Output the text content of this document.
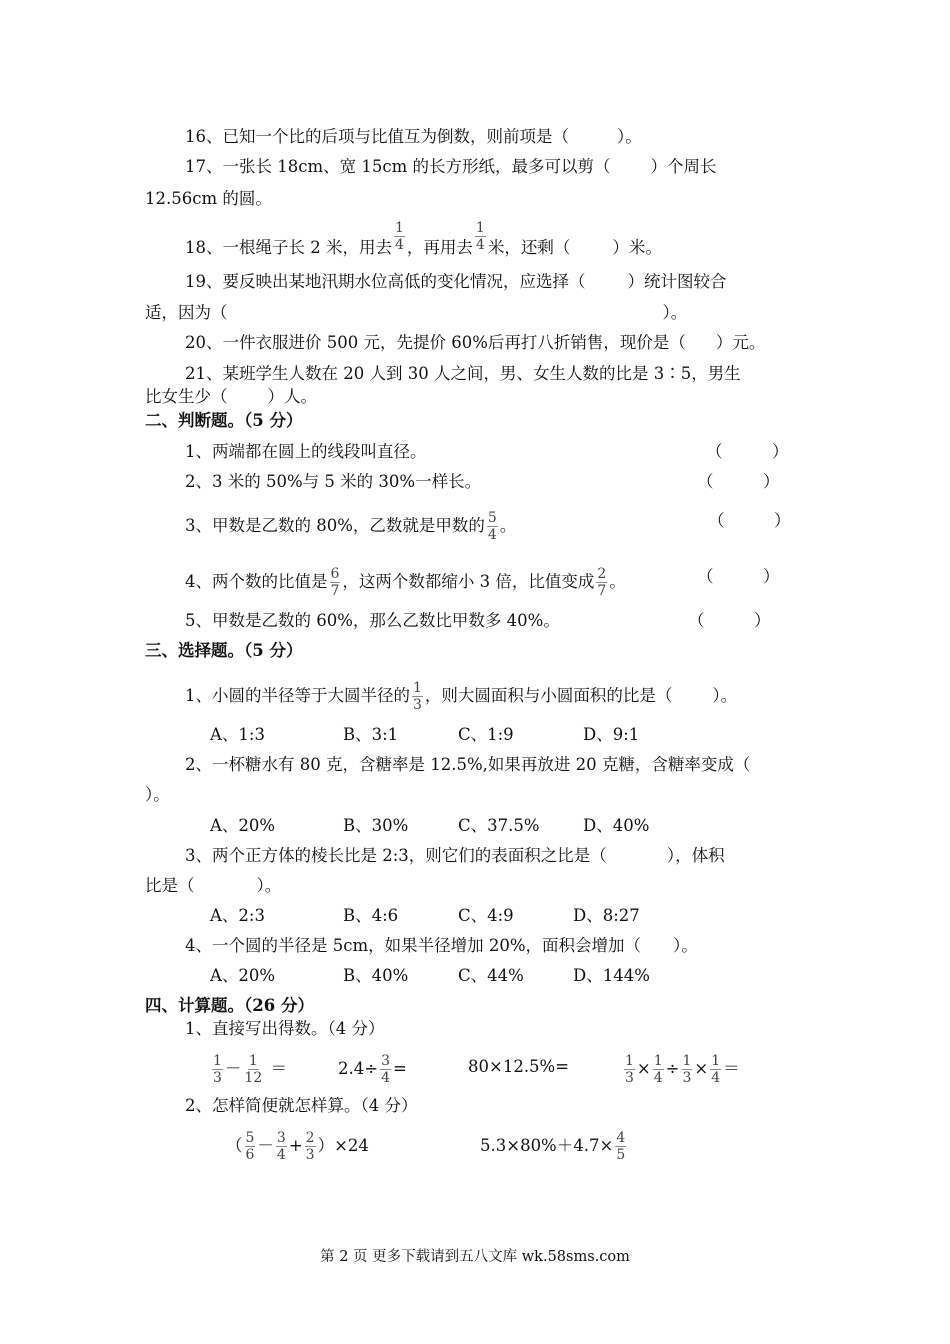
16、已知一个比的后项与比值互为倒数，则前项是（	）。
17、一张长 18cm、宽 15cm 的长方形纸，最多可以剪（ ）个周长
12.56cm 的圆。
18、一根绳子长 2 米，用去 $\frac{1}{4}$ ，再用去 $\frac{1}{4}$ 米，还剩（	）米。
19、要反映出某地汛期水位高低的变化情况，应选择（	）统计图较合
适，因为（	）。
20、一件衣服进价 500 元，先提价 60%后再打八折销售，现价是（ ）元。
21、某班学生人数在 20 人到 30 人之间，男、女生人数的比是 3∶5，男生
比女生少（ ）人。
二、判断题。（5 分）
1、两端都在圆上的线段叫直径。	（　　　）
2、3 米的 50%与 5 米的 30%一样长。	（　　　）
3、甲数是乙数的 80%，乙数就是甲数的 $\frac{5}{4}$ 。	（　　　）
4、两个数的比值是 $\frac{6}{7}$ ，这两个数都缩小 3 倍，比值变成 $\frac{2}{7}$ 。	（　　　）
5、甲数是乙数的 60%，那么乙数比甲数多 40%。	（　　　）
三、选择题。（5 分）
1、小圆的半径等于大圆半径的 $\frac{1}{3}$ ，则大圆面积与小圆面积的比是（ ）。
A、1:3	B、3:1	C、1:9	D、9:1
2、一杯糖水有 80 克，含糖率是 12.5%,如果再放进 20 克糖，含糖率变成（
）。
A、20%	B、30%	C、37.5%	D、40%
3、两个正方体的棱长比是 2:3，则它们的表面积之比是（	），体积
比是（	）。
A、2:3	B、4:6	C、4:9	D、8:27
4、一个圆的半径是 5cm，如果半径增加 20%，面积会增加（ ）。
A、20%	B、40%	C、44%	D、144%
四、计算题。（26 分）
1、直接写出得数。（4 分）
$\frac{1}{3} - \frac{1}{12}$ ＝	$2.4\div \frac{3}{4}$ =	80×12.5%=	$\frac{1}{3} \times \frac{1}{4} \div \frac{1}{3} \times \frac{1}{4}$ ＝
2、怎样简便就怎样算。（4 分）
（ $\frac{5}{6} - \frac{3}{4} + \frac{2}{3} )\times 24$	$5.3\times 80\%+4.7\times \frac{4}{5}$
第 2 页 更多下载请到五八文库 wk.58sms.com
